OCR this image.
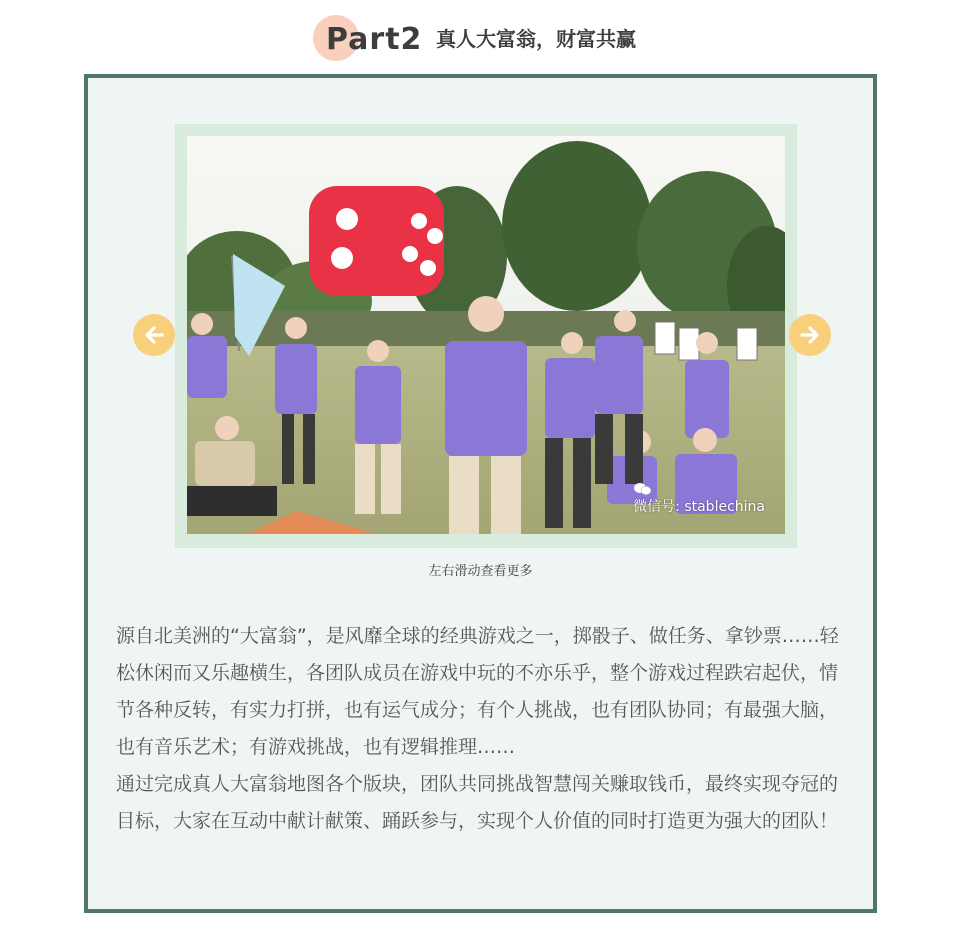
Part2 真人大富翁，财富共赢
微信号: stablechina
左右滑动查看更多

源自北美洲的“大富翁”，是风靡全球的经典游戏之一，掷骰子、做任务、拿钞票……轻松休闲而又乐趣横生，各团队成员在游戏中玩的不亦乐乎，整个游戏过程跌宕起伏，情节各种反转，有实力打拼，也有运气成分；有个人挑战，也有团队协同；有最强大脑，也有音乐艺术；有游戏挑战，也有逻辑推理……

通过完成真人大富翁地图各个版块，团队共同挑战智慧闯关赚取钱币，最终实现夺冠的目标，大家在互动中献计献策、踊跃参与，实现个人价值的同时打造更为强大的团队！
